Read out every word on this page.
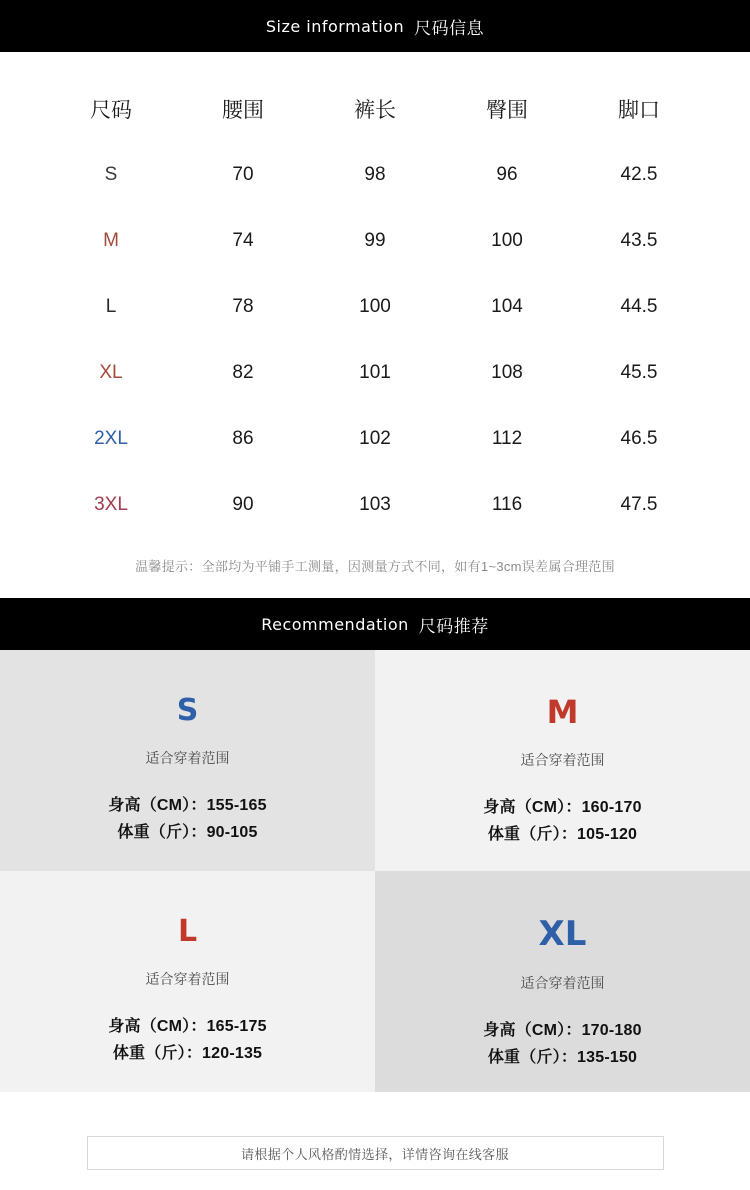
Size information 尺码信息
尺码	腰围	裤长	臀围	脚口
S	70	98	96	42.5
M	74	99	100	43.5
L	78	100	104	44.5
XL	82	101	108	45.5
2XL	86	102	112	46.5
3XL	90	103	116	47.5
温馨提示：全部均为平铺手工测量，因测量方式不同，如有1~3cm误差属合理范围
Recommendation 尺码推荐
S
适合穿着范围
身高（CM）：155-165
体重（斤）：90-105
M
适合穿着范围
身高（CM）：160-170
体重（斤）：105-120
L
适合穿着范围
身高（CM）：165-175
体重（斤）：120-135
XL
适合穿着范围
身高（CM）：170-180
体重（斤）：135-150
请根据个人风格酌情选择，详情咨询在线客服
